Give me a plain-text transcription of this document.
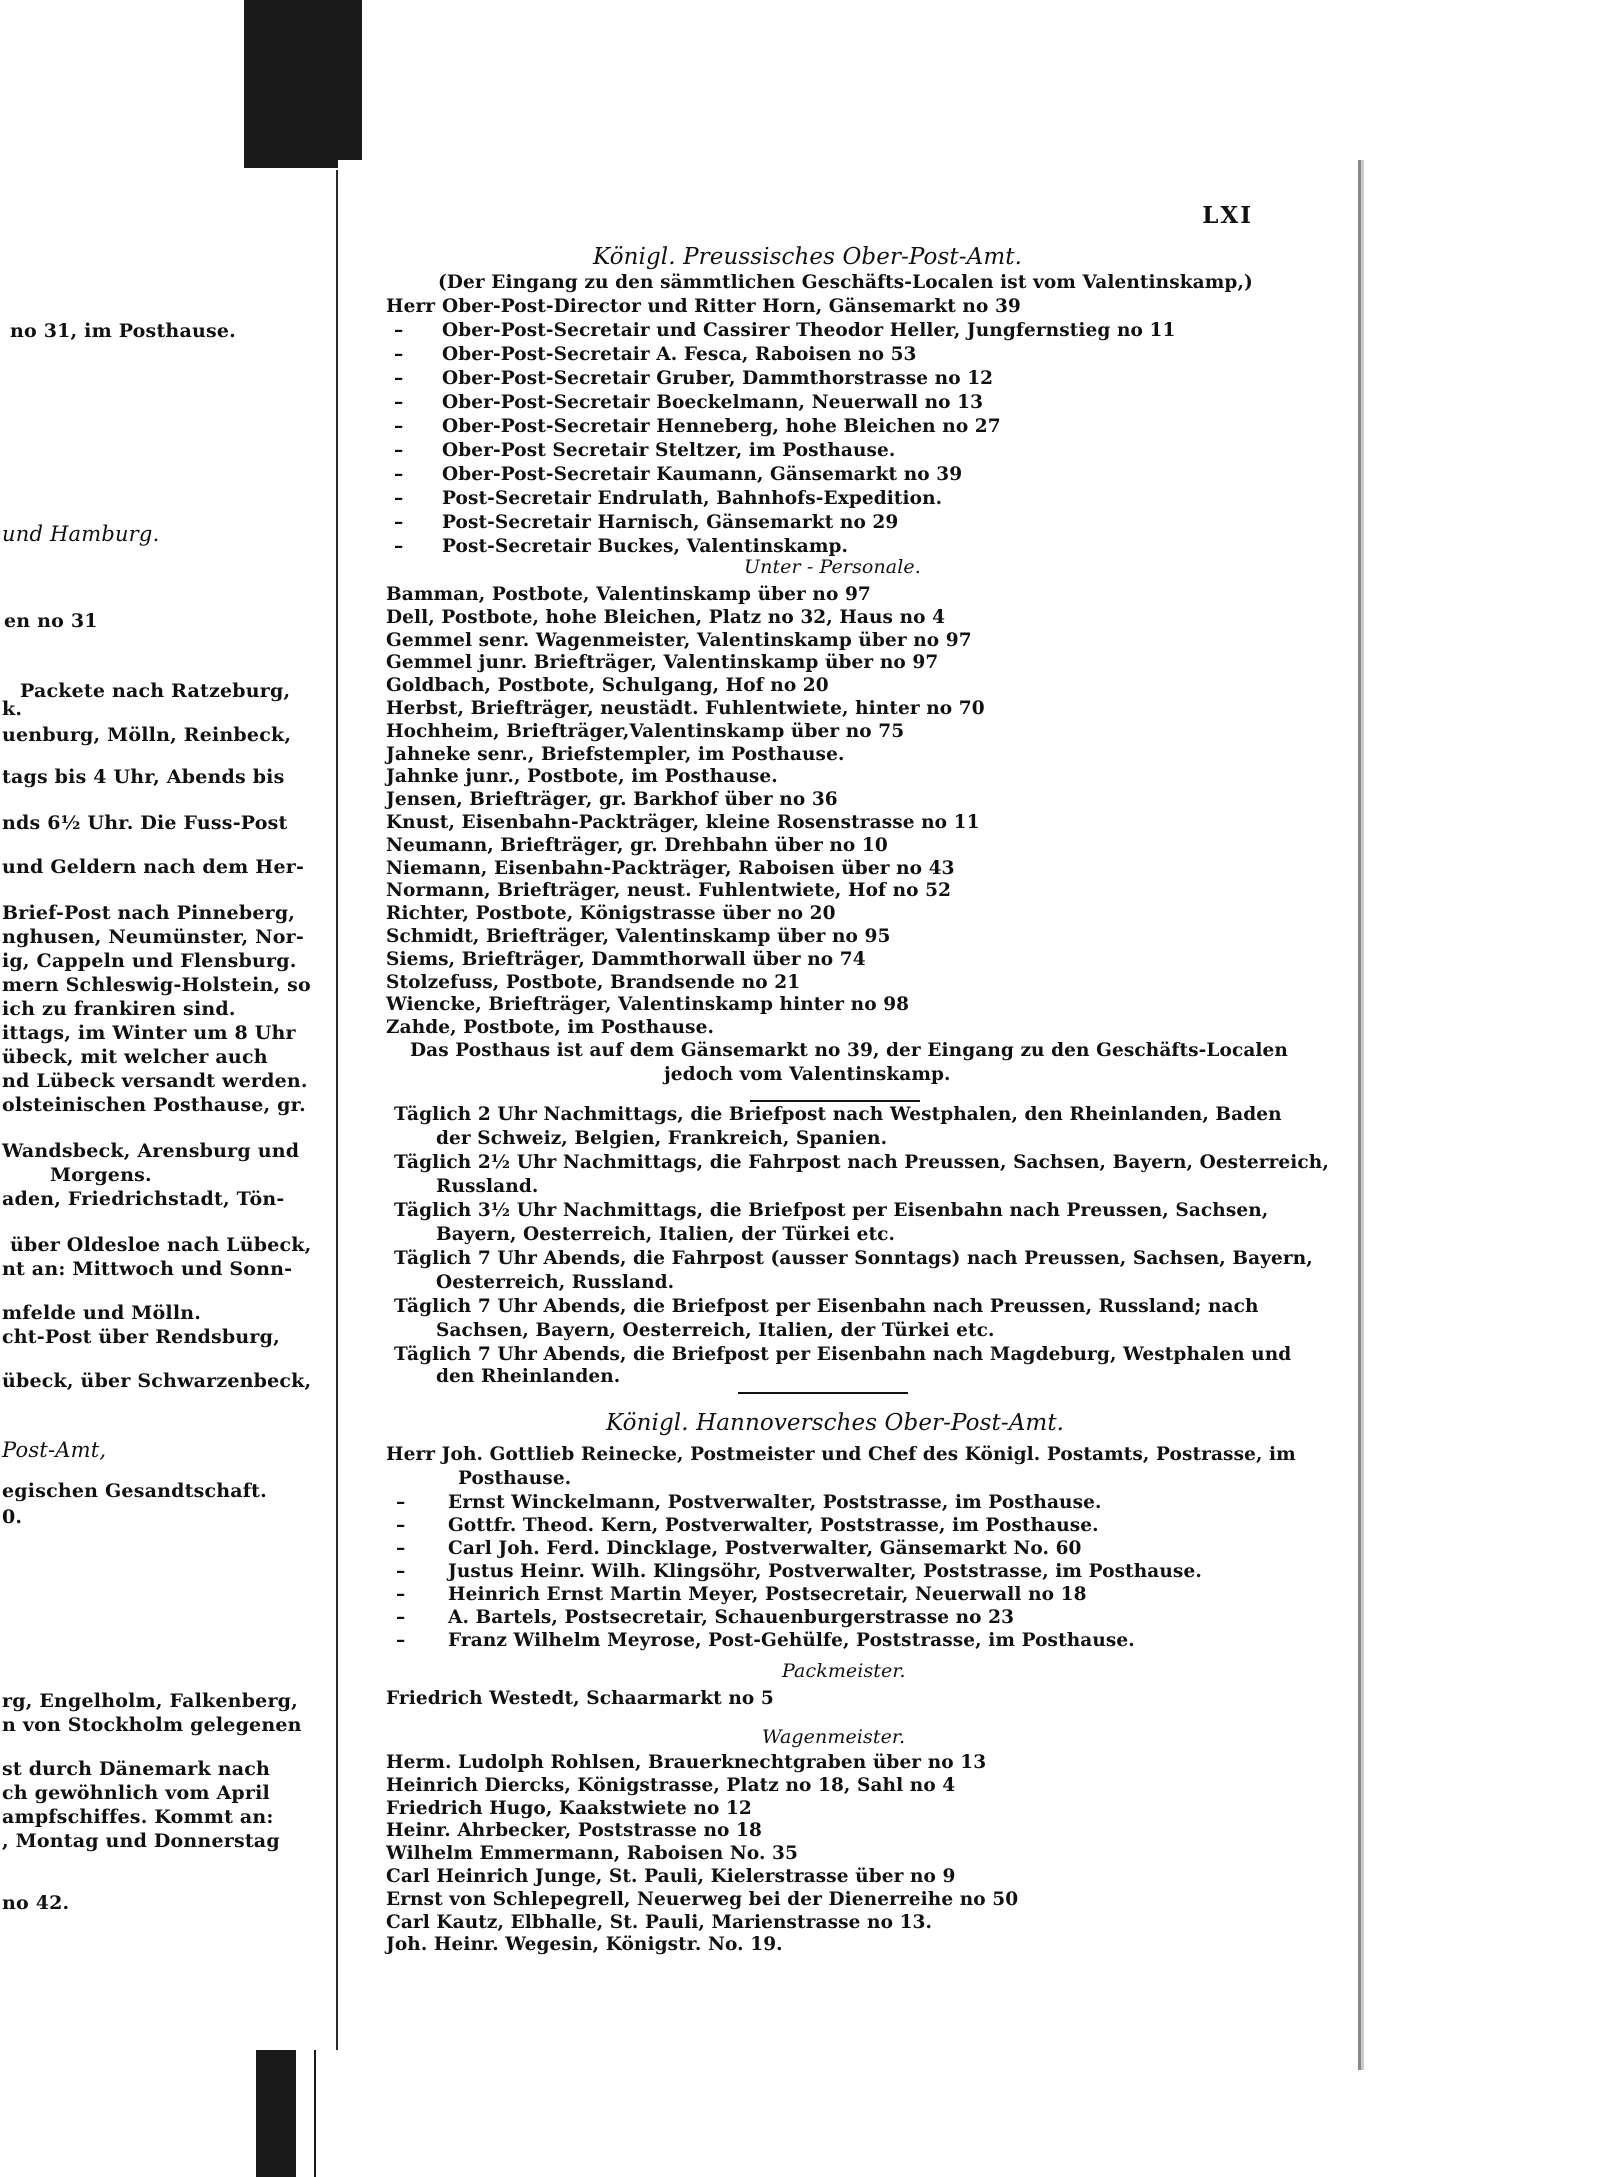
no 31, im Posthause.
und Hamburg.
en no 31
Packete nach Ratzeburg,
k.
uenburg, Mölln, Reinbeck,
tags bis 4 Uhr, Abends bis
nds 6½ Uhr. Die Fuss-Post
und Geldern nach dem Her-
Brief-Post nach Pinneberg,
nghusen, Neumünster, Nor-
ig, Cappeln und Flensburg.
mern Schleswig-Holstein, so
ich zu frankiren sind.
ittags, im Winter um 8 Uhr
übeck, mit welcher auch
nd Lübeck versandt werden.
olsteinischen Posthause, gr.
Wandsbeck, Arensburg und
Morgens.
aden, Friedrichstadt, Tön-
über Oldesloe nach Lübeck,
nt an: Mittwoch und Sonn-
mfelde und Mölln.
cht-Post über Rendsburg,
übeck, über Schwarzenbeck,
Post-Amt,
egischen Gesandtschaft.
0.
rg, Engelholm, Falkenberg,
n von Stockholm gelegenen
st durch Dänemark nach
ch gewöhnlich vom April
ampfschiffes. Kommt an:
, Montag und Donnerstag
no 42.
LXI
Königl. Preussisches Ober-Post-Amt.
(Der Eingang zu den sämmtlichen Geschäfts-Localen ist vom Valentinskamp,)
Herr Ober-Post-Director und Ritter Horn, Gänsemarkt no 39
– Ober-Post-Secretair und Cassirer Theodor Heller, Jungfernstieg no 11
– Ober-Post-Secretair A. Fesca, Raboisen no 53
– Ober-Post-Secretair Gruber, Dammthorstrasse no 12
– Ober-Post-Secretair Boeckelmann, Neuerwall no 13
– Ober-Post-Secretair Henneberg, hohe Bleichen no 27
– Ober-Post Secretair Steltzer, im Posthause.
– Ober-Post-Secretair Kaumann, Gänsemarkt no 39
– Post-Secretair Endrulath, Bahnhofs-Expedition.
– Post-Secretair Harnisch, Gänsemarkt no 29
– Post-Secretair Buckes, Valentinskamp.
Unter - Personale.
Bamman, Postbote, Valentinskamp über no 97
Dell, Postbote, hohe Bleichen, Platz no 32, Haus no 4
Gemmel senr. Wagenmeister, Valentinskamp über no 97
Gemmel junr. Briefträger, Valentinskamp über no 97
Goldbach, Postbote, Schulgang, Hof no 20
Herbst, Briefträger, neustädt. Fuhlentwiete, hinter no 70
Hochheim, Briefträger,Valentinskamp über no 75
Jahneke senr., Briefstempler, im Posthause.
Jahnke junr., Postbote, im Posthause.
Jensen, Briefträger, gr. Barkhof über no 36
Knust, Eisenbahn-Packträger, kleine Rosenstrasse no 11
Neumann, Briefträger, gr. Drehbahn über no 10
Niemann, Eisenbahn-Packträger, Raboisen über no 43
Normann, Briefträger, neust. Fuhlentwiete, Hof no 52
Richter, Postbote, Königstrasse über no 20
Schmidt, Briefträger, Valentinskamp über no 95
Siems, Briefträger, Dammthorwall über no 74
Stolzefuss, Postbote, Brandsende no 21
Wiencke, Briefträger, Valentinskamp hinter no 98
Zahde, Postbote, im Posthause.
Das Posthaus ist auf dem Gänsemarkt no 39, der Eingang zu den Geschäfts-Localen
jedoch vom Valentinskamp.
Täglich 2 Uhr Nachmittags, die Briefpost nach Westphalen, den Rheinlanden, Baden
der Schweiz, Belgien, Frankreich, Spanien.
Täglich 2½ Uhr Nachmittags, die Fahrpost nach Preussen, Sachsen, Bayern, Oesterreich,
Russland.
Täglich 3½ Uhr Nachmittags, die Briefpost per Eisenbahn nach Preussen, Sachsen,
Bayern, Oesterreich, Italien, der Türkei etc.
Täglich 7 Uhr Abends, die Fahrpost (ausser Sonntags) nach Preussen, Sachsen, Bayern,
Oesterreich, Russland.
Täglich 7 Uhr Abends, die Briefpost per Eisenbahn nach Preussen, Russland; nach
Sachsen, Bayern, Oesterreich, Italien, der Türkei etc.
Täglich 7 Uhr Abends, die Briefpost per Eisenbahn nach Magdeburg, Westphalen und
den Rheinlanden.
Königl. Hannoversches Ober-Post-Amt.
Herr Joh. Gottlieb Reinecke, Postmeister und Chef des Königl. Postamts, Postrasse, im
Posthause.
– Ernst Winckelmann, Postverwalter, Poststrasse, im Posthause.
– Gottfr. Theod. Kern, Postverwalter, Poststrasse, im Posthause.
– Carl Joh. Ferd. Dincklage, Postverwalter, Gänsemarkt No. 60
– Justus Heinr. Wilh. Klingsöhr, Postverwalter, Poststrasse, im Posthause.
– Heinrich Ernst Martin Meyer, Postsecretair, Neuerwall no 18
– A. Bartels, Postsecretair, Schauenburgerstrasse no 23
– Franz Wilhelm Meyrose, Post-Gehülfe, Poststrasse, im Posthause.
Packmeister.
Friedrich Westedt, Schaarmarkt no 5
Wagenmeister.
Herm. Ludolph Rohlsen, Brauerknechtgraben über no 13
Heinrich Diercks, Königstrasse, Platz no 18, Sahl no 4
Friedrich Hugo, Kaakstwiete no 12
Heinr. Ahrbecker, Poststrasse no 18
Wilhelm Emmermann, Raboisen No. 35
Carl Heinrich Junge, St. Pauli, Kielerstrasse über no 9
Ernst von Schlepegrell, Neuerweg bei der Dienerreihe no 50
Carl Kautz, Elbhalle, St. Pauli, Marienstrasse no 13.
Joh. Heinr. Wegesin, Königstr. No. 19.
